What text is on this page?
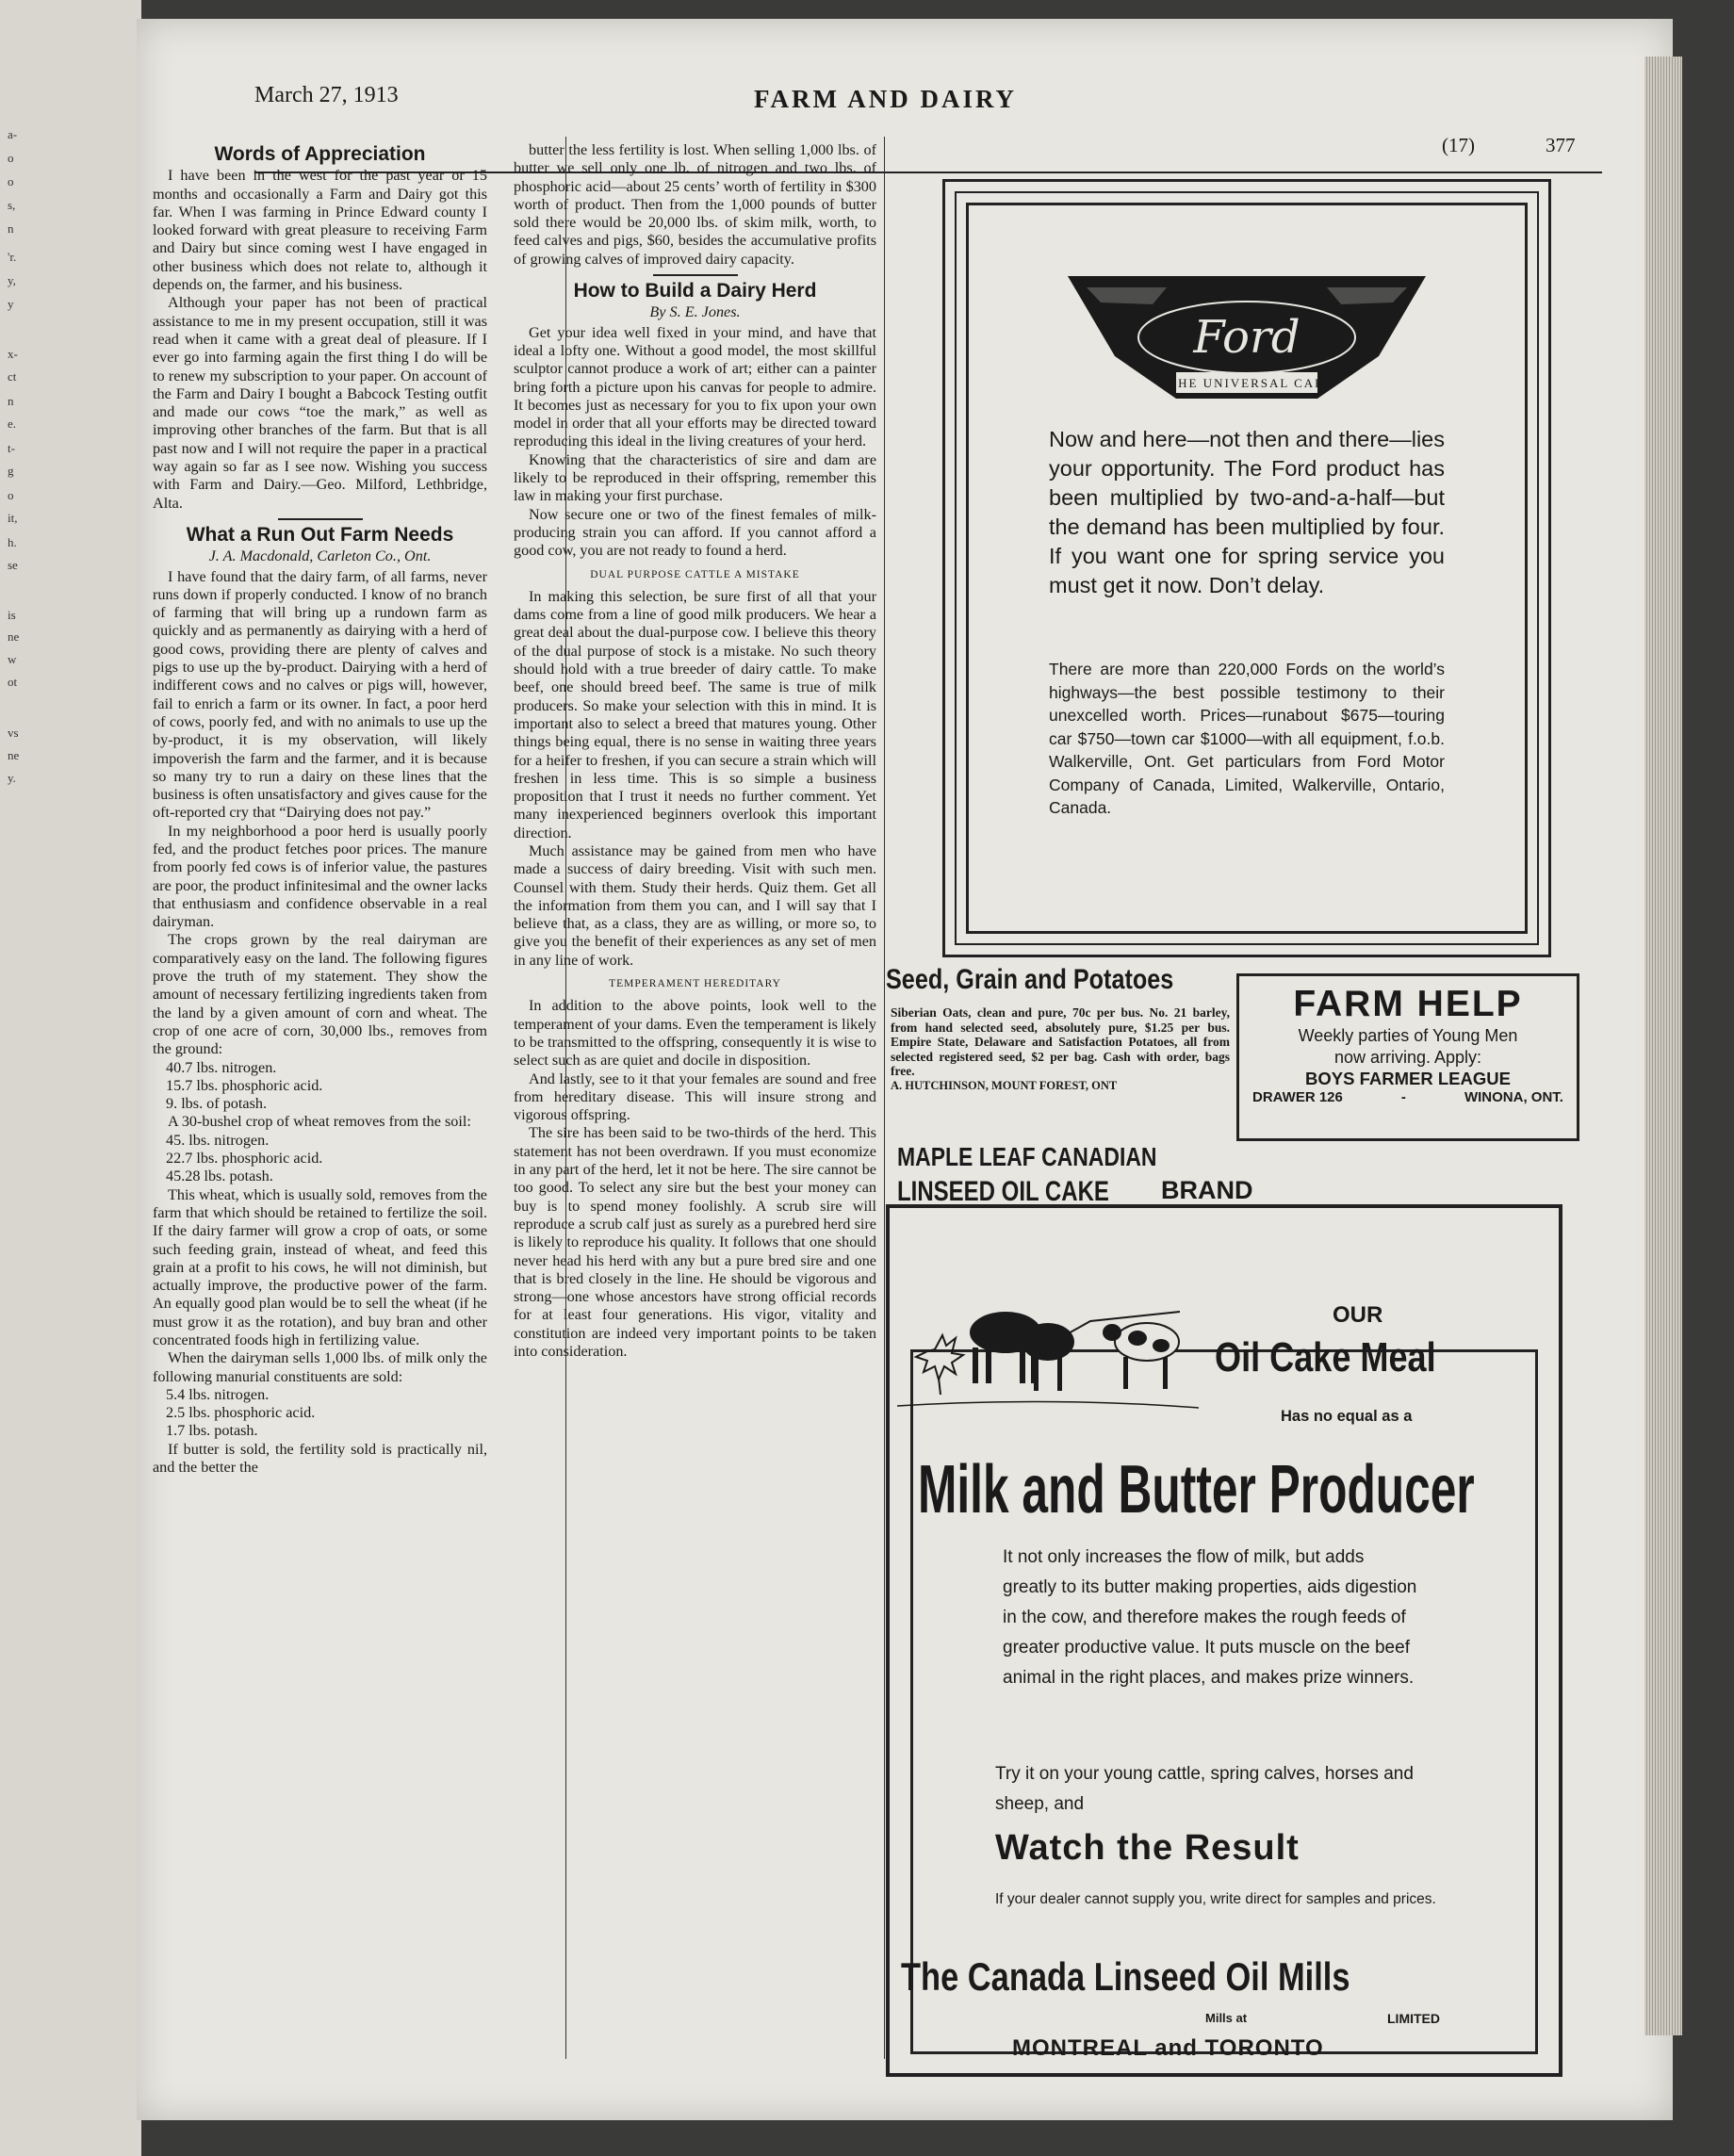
a-
o
o
s,
n
'r.
y,
y
x-
ct
n
e.
t-
g
o
it,
h.
se
is
ne
w
ot
vs
ne
y.
March 27, 1913	FARM AND DAIRY
(17)	377
Words of Appreciation

I have been in the west for the past year or 15 months and occasionally a Farm and Dairy got this far. When I was farming in Prince Edward county I looked forward with great pleasure to receiving Farm and Dairy but since coming west I have engaged in other business which does not relate to, although it depends on, the farmer, and his business.

Although your paper has not been of practical assistance to me in my present occupation, still it was read when it came with a great deal of pleasure. If I ever go into farming again the first thing I do will be to renew my subscription to your paper. On account of the Farm and Dairy I bought a Babcock Testing outfit and made our cows “toe the mark,” as well as improving other branches of the farm. But that is all past now and I will not require the paper in a practical way again so far as I see now. Wishing you success with Farm and Dairy.—Geo. Milford, Lethbridge, Alta.

What a Run Out Farm Needs
J. A. Macdonald, Carleton Co., Ont.

I have found that the dairy farm, of all farms, never runs down if properly conducted. I know of no branch of farming that will bring up a rundown farm as quickly and as permanently as dairying with a herd of good cows, providing there are plenty of calves and pigs to use up the by-product. Dairying with a herd of indifferent cows and no calves or pigs will, however, fail to enrich a farm or its owner. In fact, a poor herd of cows, poorly fed, and with no animals to use up the by-product, it is my observation, will likely impoverish the farm and the farmer, and it is because so many try to run a dairy on these lines that the business is often unsatisfactory and gives cause for the oft-reported cry that “Dairying does not pay.”

In my neighborhood a poor herd is usually poorly fed, and the product fetches poor prices. The manure from poorly fed cows is of inferior value, the pastures are poor, the product infinitesimal and the owner lacks that enthusiasm and confidence observable in a real dairyman.

The crops grown by the real dairyman are comparatively easy on the land. The following figures prove the truth of my statement. They show the amount of necessary fertilizing ingredients taken from the land by a given amount of corn and wheat. The crop of one acre of corn, 30,000 lbs., removes from the ground:

40.7 lbs. nitrogen.

15.7 lbs. phosphoric acid.

9. lbs. of potash.

A 30-bushel crop of wheat removes from the soil:

45. lbs. nitrogen.

22.7 lbs. phosphoric acid.

45.28 lbs. potash.

This wheat, which is usually sold, removes from the farm that which should be retained to fertilize the soil. If the dairy farmer will grow a crop of oats, or some such feeding grain, instead of wheat, and feed this grain at a profit to his cows, he will not diminish, but actually improve, the productive power of the farm. An equally good plan would be to sell the wheat (if he must grow it as the rotation), and buy bran and other concentrated foods high in fertilizing value.

When the dairyman sells 1,000 lbs. of milk only the following manurial constituents are sold:

5.4 lbs. nitrogen.

2.5 lbs. phosphoric acid.

1.7 lbs. potash.

If butter is sold, the fertility sold is practically nil, and the better the

butter the less fertility is lost. When selling 1,000 lbs. of butter we sell only one lb. of nitrogen and two lbs. of phosphoric acid—about 25 cents’ worth of fertility in $300 worth of product. Then from the 1,000 pounds of butter sold there would be 20,000 lbs. of skim milk, worth, to feed calves and pigs, $60, besides the accumulative profits of growing calves of improved dairy capacity.

How to Build a Dairy Herd
By S. E. Jones.

Get your idea well fixed in your mind, and have that ideal a lofty one. Without a good model, the most skillful sculptor cannot produce a work of art; either can a painter bring forth a picture upon his canvas for people to admire. It becomes just as necessary for you to fix upon your own model in order that all your efforts may be directed toward reproducing this ideal in the living creatures of your herd.

Knowing that the characteristics of sire and dam are likely to be reproduced in their offspring, remember this law in making your first purchase.

Now secure one or two of the finest females of milk-producing strain you can afford. If you cannot afford a good cow, you are not ready to found a herd.

DUAL PURPOSE CATTLE A MISTAKE

In making this selection, be sure first of all that your dams come from a line of good milk producers. We hear a great deal about the dual-purpose cow. I believe this theory of the dual purpose of stock is a mistake. No such theory should hold with a true breeder of dairy cattle. To make beef, one should breed beef. The same is true of milk producers. So make your selection with this in mind. It is important also to select a breed that matures young. Other things being equal, there is no sense in waiting three years for a heifer to freshen, if you can secure a strain which will freshen in less time. This is so simple a business proposition that I trust it needs no further comment. Yet many inexperienced beginners overlook this important direction.

Much assistance may be gained from men who have made a success of dairy breeding. Visit with such men. Counsel with them. Study their herds. Quiz them. Get all the information from them you can, and I will say that I believe that, as a class, they are as willing, or more so, to give you the benefit of their experiences as any set of men in any line of work.

TEMPERAMENT HEREDITARY

In addition to the above points, look well to the temperament of your dams. Even the temperament is likely to be transmitted to the offspring, consequently it is wise to select such as are quiet and docile in disposition.

And lastly, see to it that your females are sound and free from hereditary disease. This will insure strong and vigorous offspring.

The sire has been said to be two-thirds of the herd. This statement has not been overdrawn. If you must economize in any part of the herd, let it not be here. The sire cannot be too good. To select any sire but the best your money can buy is to spend money foolishly. A scrub sire will reproduce a scrub calf just as surely as a purebred herd sire is likely to reproduce his quality. It follows that one should never head his herd with any but a pure bred sire and one that is bred closely in the line. He should be vigorous and strong—one whose ancestors have strong official records for at least four generations. His vigor, vitality and constitution are indeed very important points to be taken into consideration.

Ford
THE UNIVERSAL CAR
Now and here—not then and there—lies your opportunity. The Ford product has been multiplied by two-and-a-half—but the demand has been multiplied by four. If you want one for spring service you must get it now. Don’t delay.
There are more than 220,000 Fords on the world’s highways—the best possible testimony to their unexcelled worth. Prices—runabout $675—touring car $750—town car $1000—with all equipment, f.o.b. Walkerville, Ont. Get particulars from Ford Motor Company of Canada, Limited, Walkerville, Ontario, Canada.
Seed, Grain and Potatoes
Siberian Oats, clean and pure, 70c per bus. No. 21 barley, from hand selected seed, absolutely pure, $1.25 per bus. Empire State, Delaware and Satisfaction Potatoes, all from selected registered seed, $2 per bag. Cash with order, bags free.
A. HUTCHINSON, MOUNT FOREST, ONT
FARM HELP
Weekly parties of Young Men
now arriving. Apply:
BOYS FARMER LEAGUE
DRAWER 126	-	WINONA, ONT.
MAPLE LEAF CANADIAN
LINSEED OIL CAKE BRAND
OUR
Oil Cake Meal
Has no equal as a
Milk and Butter Producer
It not only increases the flow of milk, but adds greatly to its butter making properties, aids digestion in the cow, and therefore makes the rough feeds of greater productive value. It puts muscle on the beef animal in the right places, and makes prize winners.
Try it on your young cattle, spring calves, horses and sheep, and
Watch the Result
If your dealer cannot supply you, write direct for samples and prices.
The Canada Linseed Oil Mills
Mills at	LIMITED
MONTREAL and TORONTO
